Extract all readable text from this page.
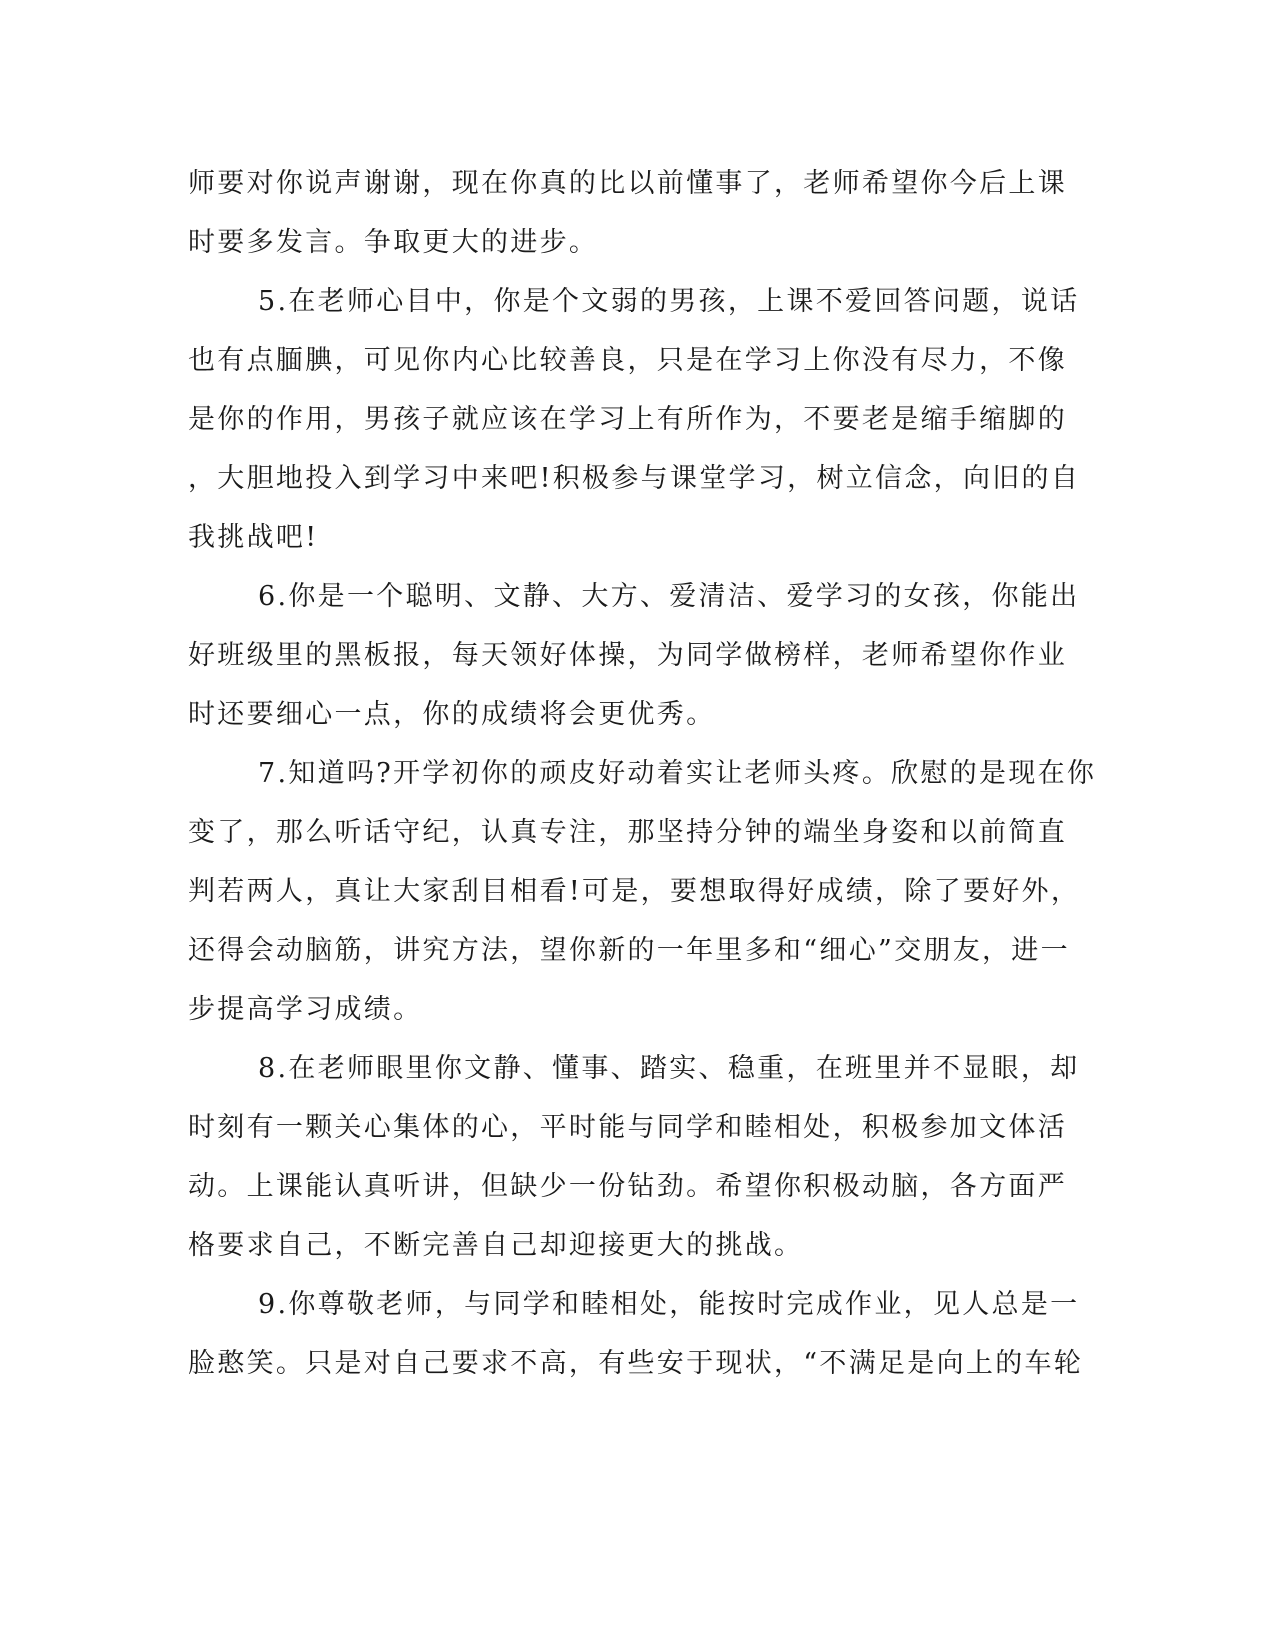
师要对你说声谢谢，现在你真的比以前懂事了，老师希望你今后上课
时要多发言。争取更大的进步。
5.在老师心目中，你是个文弱的男孩，上课不爱回答问题，说话
也有点腼腆，可见你内心比较善良，只是在学习上你没有尽力，不像
是你的作用，男孩子就应该在学习上有所作为，不要老是缩手缩脚的
，大胆地投入到学习中来吧!积极参与课堂学习，树立信念，向旧的自
我挑战吧!
6.你是一个聪明、文静、大方、爱清洁、爱学习的女孩，你能出
好班级里的黑板报，每天领好体操，为同学做榜样，老师希望你作业
时还要细心一点，你的成绩将会更优秀。
7.知道吗?开学初你的顽皮好动着实让老师头疼。欣慰的是现在你
变了，那么听话守纪，认真专注，那坚持分钟的端坐身姿和以前简直
判若两人，真让大家刮目相看!可是，要想取得好成绩，除了要好外，
还得会动脑筋，讲究方法，望你新的一年里多和“细心”交朋友，进一
步提高学习成绩。
8.在老师眼里你文静、懂事、踏实、稳重，在班里并不显眼，却
时刻有一颗关心集体的心，平时能与同学和睦相处，积极参加文体活
动。上课能认真听讲，但缺少一份钻劲。希望你积极动脑，各方面严
格要求自己，不断完善自己却迎接更大的挑战。
9.你尊敬老师，与同学和睦相处，能按时完成作业，见人总是一
脸憨笑。只是对自己要求不高，有些安于现状，“不满足是向上的车轮
